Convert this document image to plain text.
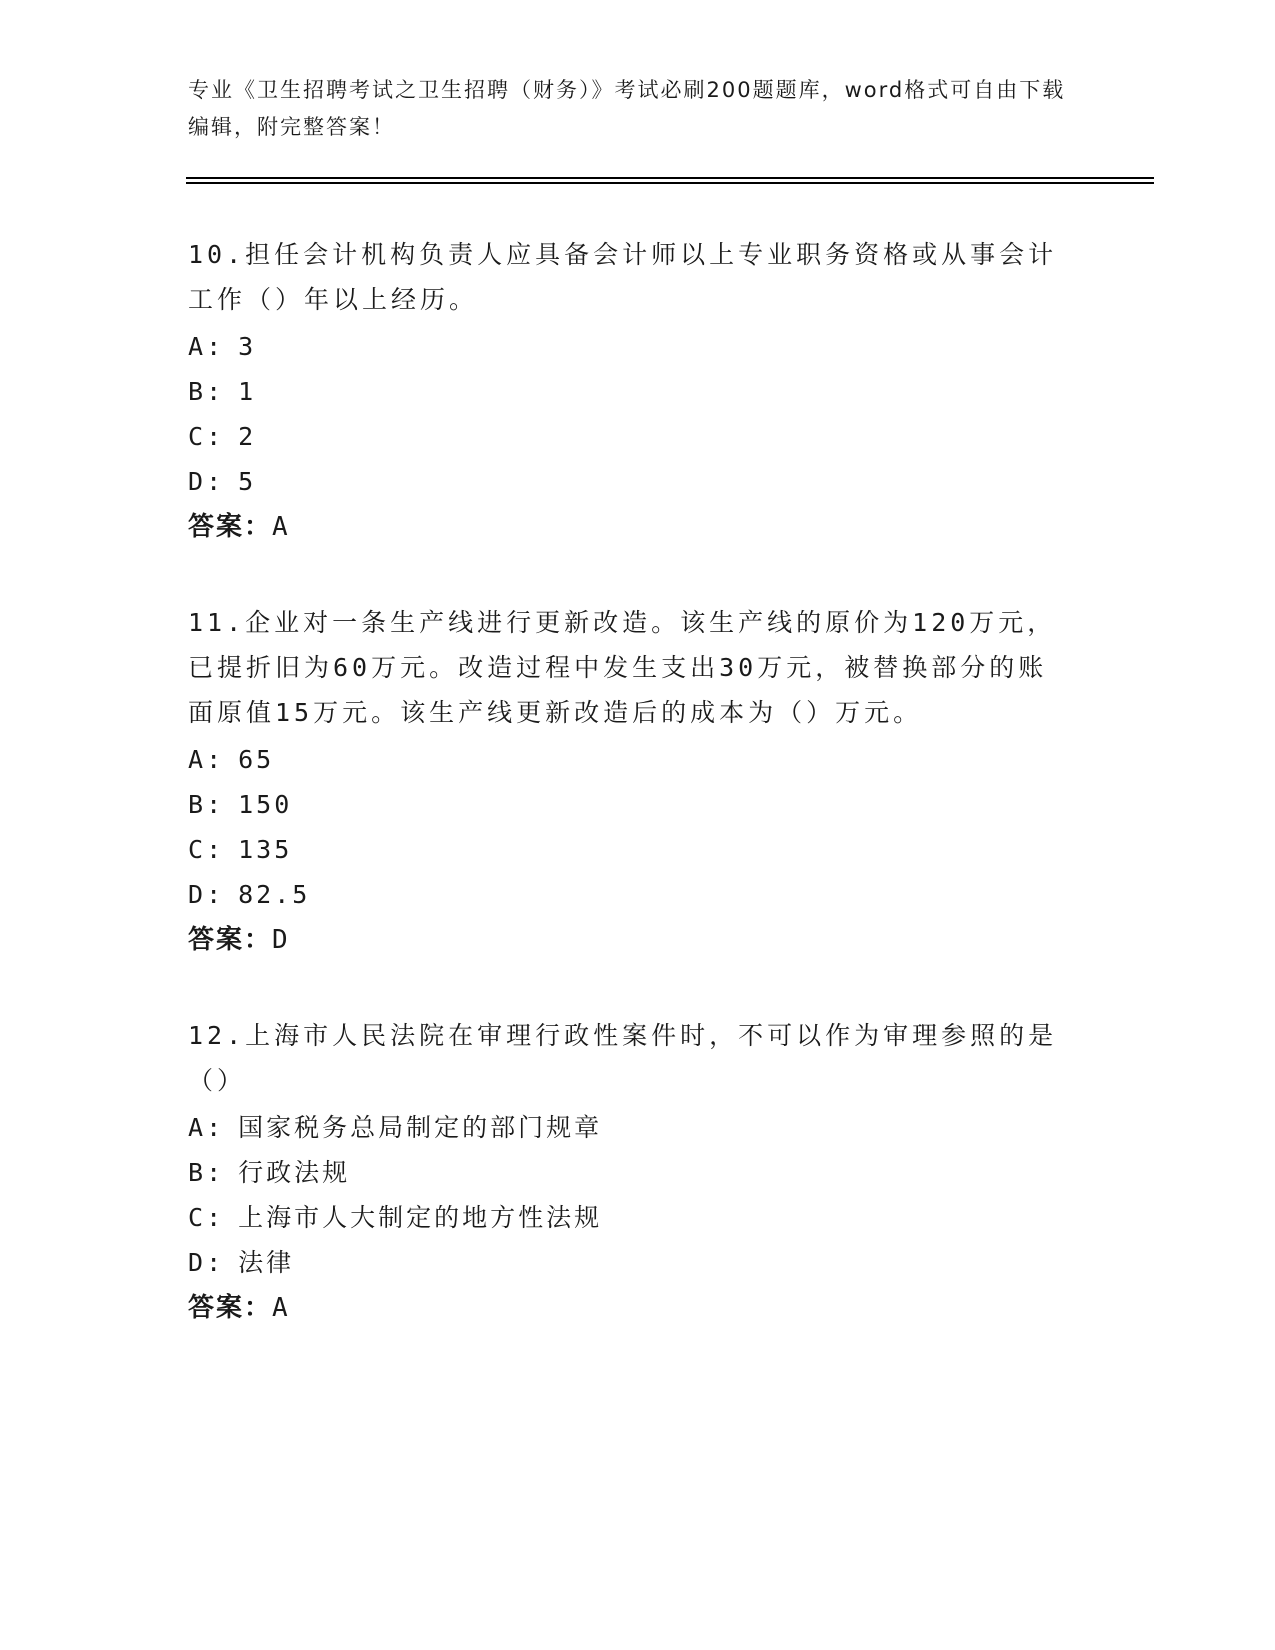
专业《卫生招聘考试之卫生招聘（财务）》考试必刷200题题库，word格式可自由下载编辑，附完整答案！

10.担任会计机构负责人应具备会计师以上专业职务资格或从事会计工作（）年以上经历。

A : 3
B : 1
C : 2
D : 5
答案：A

11.企业对一条生产线进行更新改造。该生产线的原价为120万元，已提折旧为60万元。改造过程中发生支出30万元，被替换部分的账面原值15万元。该生产线更新改造后的成本为（）万元。

A : 65
B : 150
C : 135
D : 82.5
答案：D

12.上海市人民法院在审理行政性案件时，不可以作为审理参照的是（）

A : 国家税务总局制定的部门规章
B : 行政法规
C : 上海市人大制定的地方性法规
D : 法律
答案：A
